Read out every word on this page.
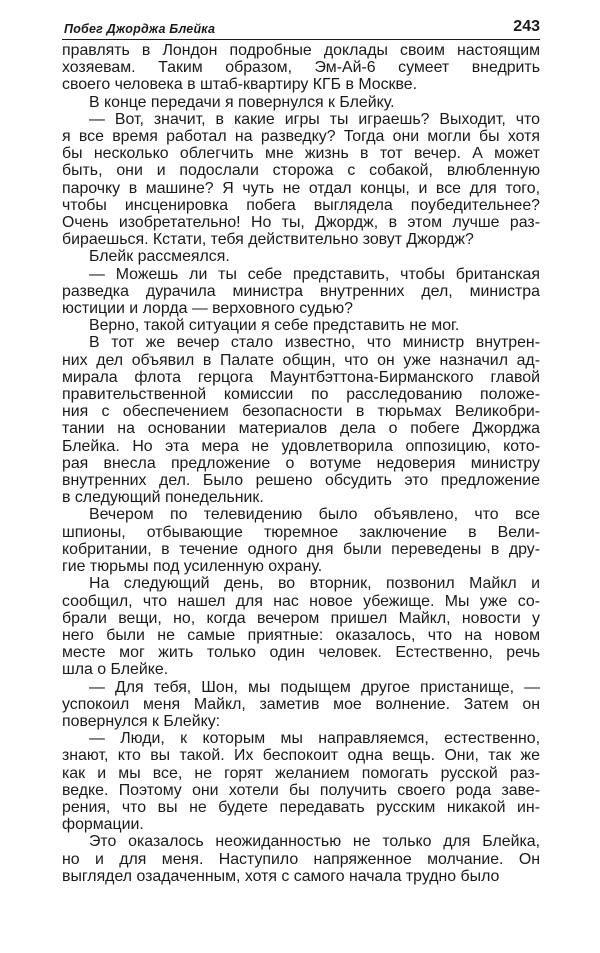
Побег Джорджа Блейка	243
правлять в Лондон подробные доклады своим настоящим
хозяевам. Таким образом, Эм-Ай-6 сумеет внедрить
своего человека в штаб-квартиру КГБ в Москве.
В конце передачи я повернулся к Блейку.
— Вот, значит, в какие игры ты играешь? Выходит, что
я все время работал на разведку? Тогда они могли бы хотя
бы несколько облегчить мне жизнь в тот вечер. А может
быть, они и подослали сторожа с собакой, влюбленную
парочку в машине? Я чуть не отдал концы, и все для того,
чтобы инсценировка побега выглядела поубедительнее?
Очень изобретательно! Но ты, Джордж, в этом лучше раз-
бираешься. Кстати, тебя действительно зовут Джордж?
Блейк рассмеялся.
— Можешь ли ты себе представить, чтобы британская
разведка дурачила министра внутренних дел, министра
юстиции и лорда — верховного судью?
Верно, такой ситуации я себе представить не мог.
В тот же вечер стало известно, что министр внутрен-
них дел объявил в Палате общин, что он уже назначил ад-
мирала флота герцога Маунтбэттона-Бирманского главой
правительственной комиссии по расследованию положе-
ния с обеспечением безопасности в тюрьмах Великобри-
тании на основании материалов дела о побеге Джорджа
Блейка. Но эта мера не удовлетворила оппозицию, кото-
рая внесла предложение о вотуме недоверия министру
внутренних дел. Было решено обсудить это предложение
в следующий понедельник.
Вечером по телевидению было объявлено, что все
шпионы, отбывающие тюремное заключение в Вели-
кобритании, в течение одного дня были переведены в дру-
гие тюрьмы под усиленную охрану.
На следующий день, во вторник, позвонил Майкл и
сообщил, что нашел для нас новое убежище. Мы уже со-
брали вещи, но, когда вечером пришел Майкл, новости у
него были не самые приятные: оказалось, что на новом
месте мог жить только один человек. Естественно, речь
шла о Блейке.
— Для тебя, Шон, мы подыщем другое пристанище, —
успокоил меня Майкл, заметив мое волнение. Затем он
повернулся к Блейку:
— Люди, к которым мы направляемся, естественно,
знают, кто вы такой. Их беспокоит одна вещь. Они, так же
как и мы все, не горят желанием помогать русской раз-
ведке. Поэтому они хотели бы получить своего рода заве-
рения, что вы не будете передавать русским никакой ин-
формации.
Это оказалось неожиданностью не только для Блейка,
но и для меня. Наступило напряженное молчание. Он
выглядел озадаченным, хотя с самого начала трудно было
